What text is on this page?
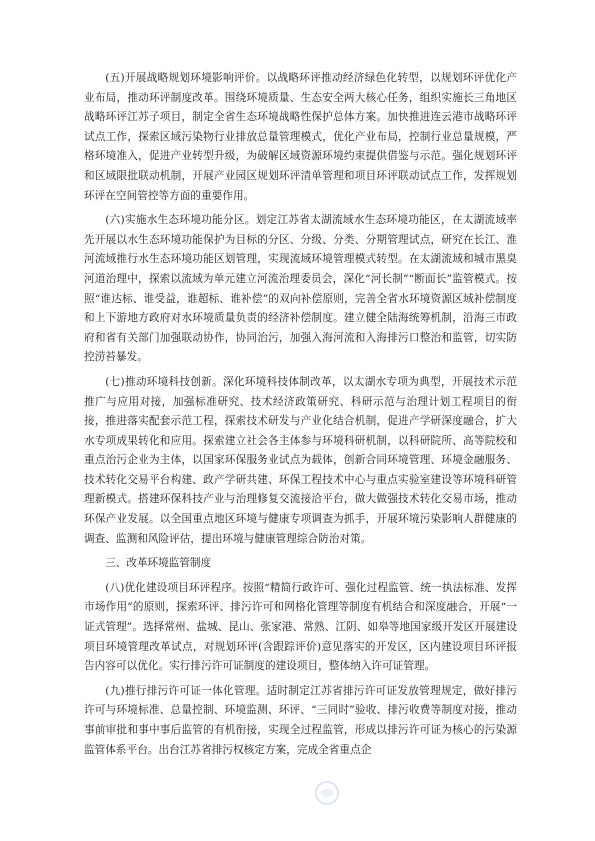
(五)开展战略规划环境影响评价。以战略环评推动经济绿色化转型，以规划环评优化产业布局，推动环评制度改革。围绕环境质量、生态安全两大核心任务，组织实施长三角地区战略环评江苏子项目，制定全省生态环境战略性保护总体方案。加快推进连云港市战略环评试点工作，探索区域污染物行业排放总量管理模式，优化产业布局，控制行业总量规模，严格环境准入，促进产业转型升级，为破解区域资源环境约束提供借鉴与示范。强化规划环评和区域限批联动机制，开展产业园区规划环评清单管理和项目环评联动试点工作，发挥规划环评在空间管控等方面的重要作用。

(六)实施水生态环境功能分区。划定江苏省太湖流域水生态环境功能区，在太湖流域率先开展以水生态环境功能保护为目标的分区、分级、分类、分期管理试点，研究在长江、淮河流域推行水生态环境功能区划管理，实现流域环境管理模式转型。在太湖流域和城市黑臭河道治理中，探索以流域为单元建立河流治理委员会，深化“河长制”“断面长”监管模式。按照“谁达标、谁受益，谁超标、谁补偿”的双向补偿原则，完善全省水环境资源区域补偿制度和上下游地方政府对水环境质量负责的经济补偿制度。建立健全陆海统筹机制，沿海三市政府和省有关部门加强联动协作，协同治污，加强入海河流和入海排污口整治和监管，切实防控涝苔暴发。

(七)推动环境科技创新。深化环境科技体制改革，以太湖水专项为典型，开展技术示范推广与应用对接，加强标准研究、技术经济政策研究、科研示范与治理计划工程项目的衔接，推进落实配套示范工程，探索技术研发与产业化结合机制，促进产学研深度融合，扩大水专项成果转化和应用。探索建立社会各主体参与环境科研机制，以科研院所、高等院校和重点治污企业为主体，以国家环保服务业试点为载体，创新合同环境管理、环境金融服务、技术转化交易平台构建、政产学研共建、环保工程技术中心与重点实验室建设等环境科研管理新模式。搭建环保科技产业与治理修复交流接洽平台，做大做强技术转化交易市场，推动环保产业发展。以全国重点地区环境与健康专项调查为抓手，开展环境污染影响人群健康的调查、监测和风险评估，提出环境与健康管理综合防治对策。

三、改革环境监管制度

(八)优化建设项目环评程序。按照“精简行政许可、强化过程监管、统一执法标准、发挥市场作用”的原则，探索环评、排污许可和网格化管理等制度有机结合和深度融合，开展“一证式管理”。选择常州、盐城、昆山、张家港、常熟、江阴、如皋等地国家级开发区开展建设项目环境管理改革试点，对规划环评(含跟踪评价)意见落实的开发区，区内建设项目环评报告内容可以优化。实行排污许可证制度的建设项目，整体纳入许可证管理。

(九)推行排污许可证一体化管理。适时制定江苏省排污许可证发放管理规定，做好排污许可与环境标准、总量控制、环境监测、环评、“三同时”验收、排污收费等制度对接，推动事前审批和事中事后监管的有机衔接，实现全过程监管，形成以排污许可证为核心的污染源监管体系平台。出台江苏省排污权核定方案，完成全省重点企
